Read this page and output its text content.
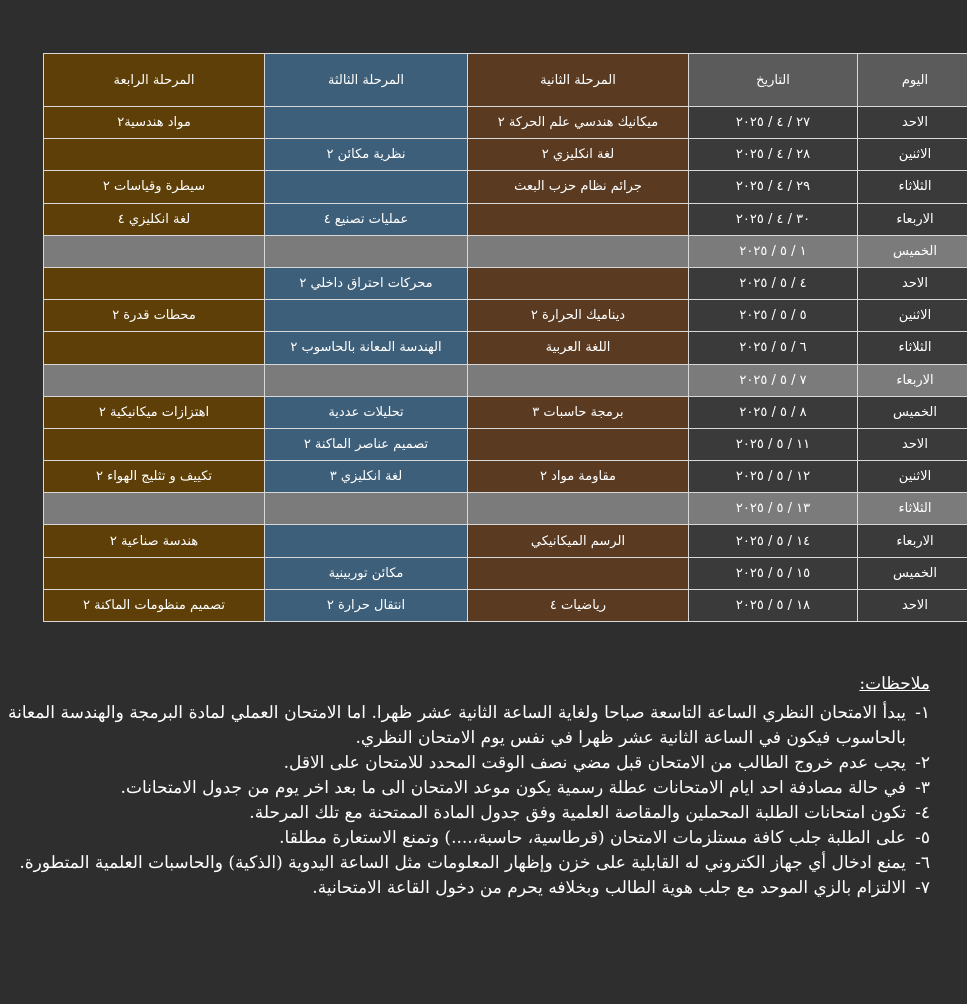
اليوم	التاريخ	المرحلة الثانية	المرحلة الثالثة	المرحلة الرابعة
الاحد	٢٧ / ٤ / ٢٠٢٥	ميكانيك هندسي علم الحركة ٢		مواد هندسية٢
الاثنين	٢٨ / ٤ / ٢٠٢٥	لغة انكليزي ٢	نظرية مكائن ٢	
الثلاثاء	٢٩ / ٤ / ٢٠٢٥	جرائم نظام حزب البعث		سيطرة وقياسات ٢
الاربعاء	٣٠ / ٤ / ٢٠٢٥		عمليات تصنيع ٤	لغة انكليزي ٤
الخميس	١ / ٥ / ٢٠٢٥			
الاحد	٤ / ٥ / ٢٠٢٥		محركات احتراق داخلي ٢	
الاثنين	٥ / ٥ / ٢٠٢٥	ديناميك الحرارة ٢		محطات قدرة ٢
الثلاثاء	٦ / ٥ / ٢٠٢٥	اللغة العربية	الهندسة المعانة بالحاسوب ٢	
الاربعاء	٧ / ٥ / ٢٠٢٥			
الخميس	٨ / ٥ / ٢٠٢٥	برمجة حاسبات ٣	تحليلات عددية	اهتزازات ميكانيكية ٢
الاحد	١١ / ٥ / ٢٠٢٥		تصميم عناصر الماكنة ٢	
الاثنين	١٢ / ٥ / ٢٠٢٥	مقاومة مواد ٢	لغة انكليزي ٣	تكييف و تثليج الهواء ٢
الثلاثاء	١٣ / ٥ / ٢٠٢٥			
الاربعاء	١٤ / ٥ / ٢٠٢٥	الرسم الميكانيكي		هندسة صناعية ٢
الخميس	١٥ / ٥ / ٢٠٢٥		مكائن توربينية	
الاحد	١٨ / ٥ / ٢٠٢٥	رياضيات ٤	انتقال حرارة ٢	تصميم منظومات الماكنة ٢
ملاحظات:
١-
يبدأ الامتحان النظري الساعة التاسعة صباحا ولغاية الساعة الثانية عشر ظهرا. اما الامتحان العملي لمادة البرمجة والهندسة المعانة بالحاسوب فيكون في الساعة الثانية عشر ظهرا في نفس يوم الامتحان النظري.
٢-
يجب عدم خروج الطالب من الامتحان قبل مضي نصف الوقت المحدد للامتحان على الاقل.
٣-
في حالة مصادفة احد ايام الامتحانات عطلة رسمية يكون موعد الامتحان الى ما بعد اخر يوم من جدول الامتحانات.
٤-
تكون امتحانات الطلبة المحملين والمقاصة العلمية وفق جدول المادة الممتحنة مع تلك المرحلة.
٥-
على الطلبة جلب كافة مستلزمات الامتحان (قرطاسية، حاسبة،....) وتمنع الاستعارة مطلقا.
٦-
يمنع ادخال أي جهاز الكتروني له القابلية على خزن وإظهار المعلومات مثل الساعة اليدوية (الذكية) والحاسبات العلمية المتطورة.
٧-
الالتزام بالزي الموحد مع جلب هوية الطالب وبخلافه يحرم من دخول القاعة الامتحانية.
